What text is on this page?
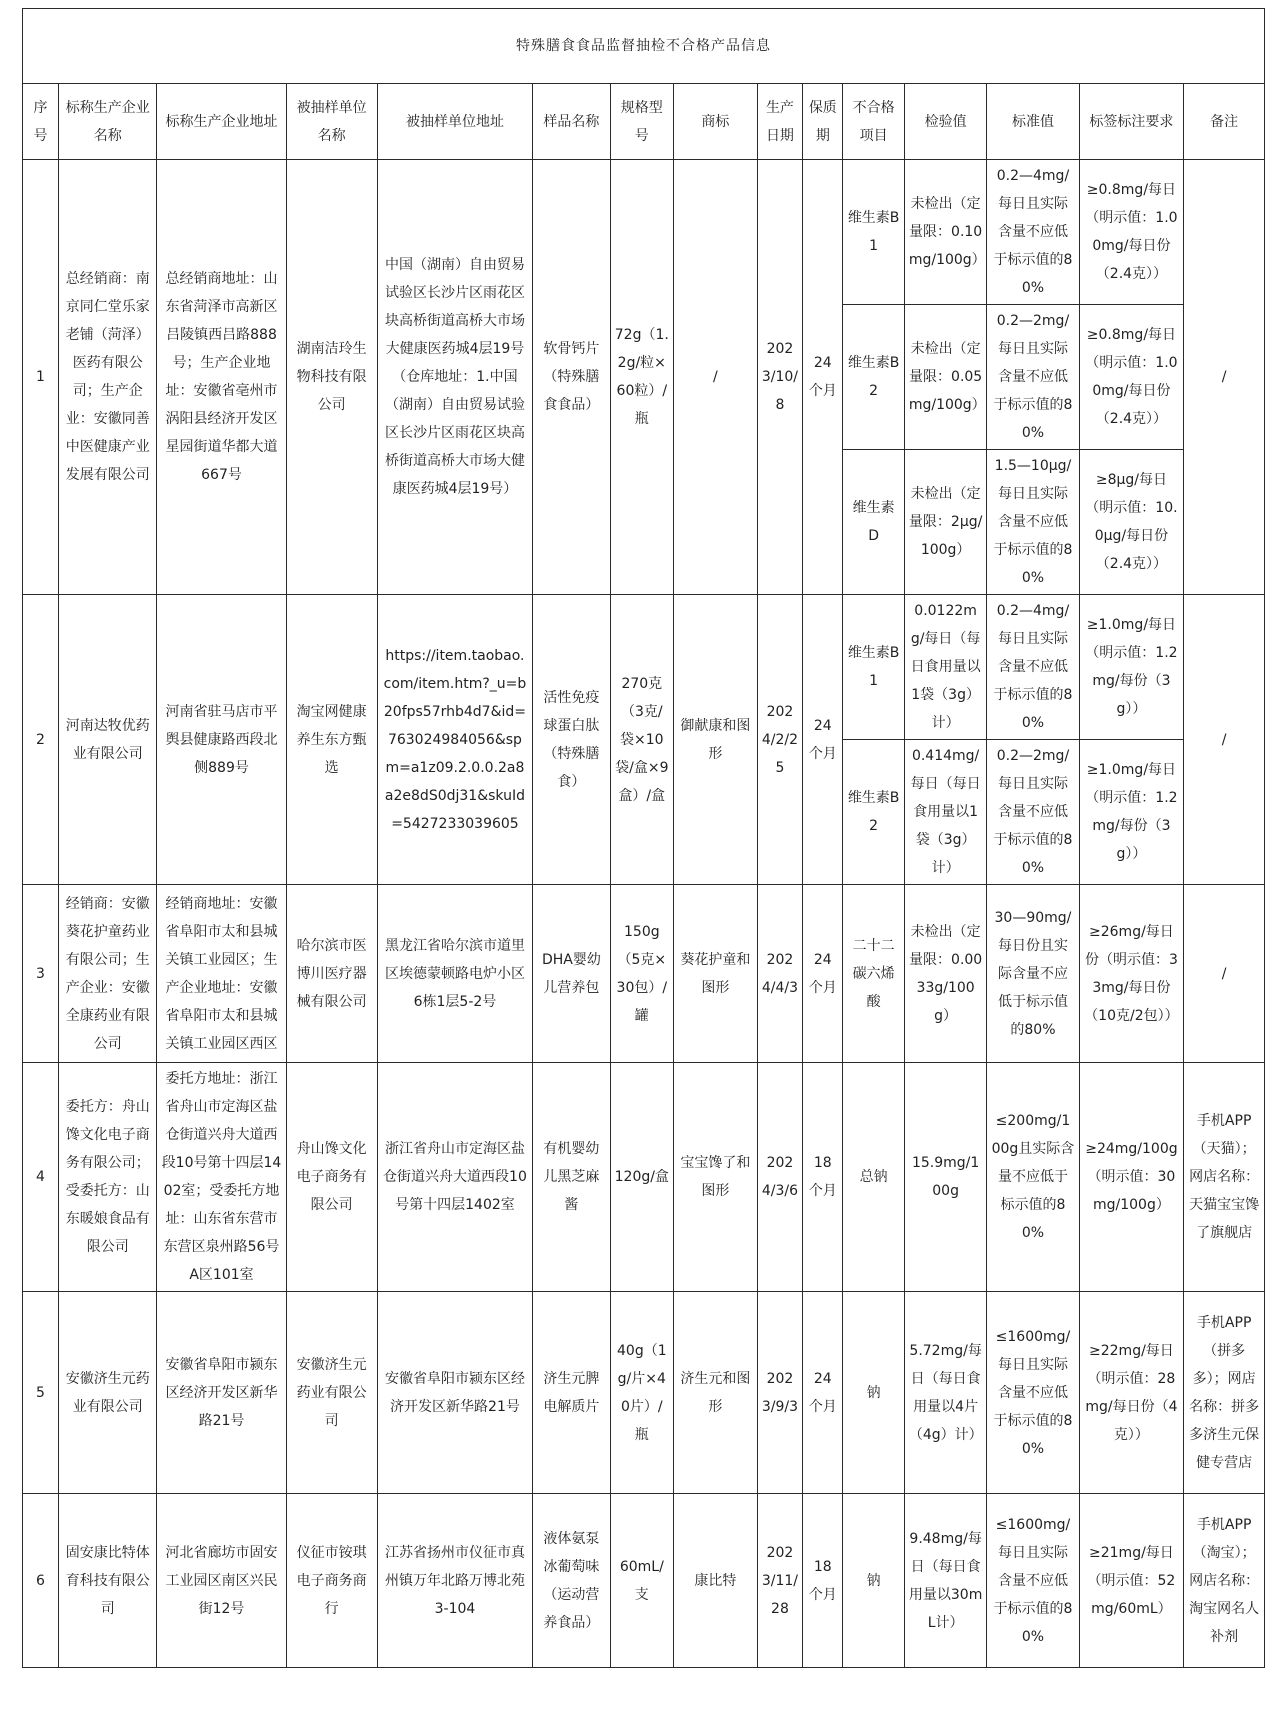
特殊膳食食品监督抽检不合格产品信息														
序号	标称生产企业名称	标称生产企业地址	被抽样单位名称	被抽样单位地址	样品名称	规格型号	商标	生产日期	保质期	不合格项目	检验值	标准值	标签标注要求	备注
1	总经销商：南京同仁堂乐家老铺（菏泽）医药有限公司；生产企业：安徽同善中医健康产业发展有限公司	总经销商地址：山东省菏泽市高新区吕陵镇西吕路888号；生产企业地址：安徽省亳州市涡阳县经济开发区星园街道华都大道667号	湖南洁玲生物科技有限公司	中国（湖南）自由贸易试验区长沙片区雨花区块高桥街道高桥大市场大健康医药城4层19号（仓库地址：1.中国（湖南）自由贸易试验区长沙片区雨花区块高桥街道高桥大市场大健康医药城4层19号）	软骨钙片（特殊膳食食品）	72g（1.2g/粒×60粒）/瓶	/	2023/10/8	24个月	维生素B1	未检出（定量限：0.10mg/100g）	0.2—4mg/每日且实际含量不应低于标示值的80%	≥0.8mg/每日（明示值：1.00mg/每日份（2.4克））	/
										维生素B2	未检出（定量限：0.05mg/100g）	0.2—2mg/每日且实际含量不应低于标示值的80%	≥0.8mg/每日（明示值：1.00mg/每日份（2.4克））	
										维生素D	未检出（定量限：2μg/100g）	1.5—10μg/每日且实际含量不应低于标示值的80%	≥8μg/每日（明示值：10.0μg/每日份（2.4克））	
2	河南达牧优药业有限公司	河南省驻马店市平舆县健康路西段北侧889号	淘宝网健康养生东方甄选	https://item.taobao.com/item.htm?_u=b20fps57rhb4d7&id=763024984056&spm=a1z09.2.0.0.2a8a2e8dS0dj31&skuId=5427233039605	活性免疫球蛋白肽（特殊膳食）	270克（3克/袋×10袋/盒×9盒）/盒	御献康和图形	2024/2/25	24个月	维生素B1	0.0122mg/每日（每日食用量以1袋（3g）计）	0.2—4mg/每日且实际含量不应低于标示值的80%	≥1.0mg/每日（明示值：1.2mg/每份（3g））	/
										维生素B2	0.414mg/每日（每日食用量以1袋（3g）计）	0.2—2mg/每日且实际含量不应低于标示值的80%	≥1.0mg/每日（明示值：1.2mg/每份（3g））	
3	经销商：安徽葵花护童药业有限公司；生产企业：安徽全康药业有限公司	经销商地址：安徽省阜阳市太和县城关镇工业园区；生产企业地址：安徽省阜阳市太和县城关镇工业园区西区	哈尔滨市医博川医疗器械有限公司	黑龙江省哈尔滨市道里区埃德蒙顿路电炉小区6栋1层5-2号	DHA婴幼儿营养包	150g（5克×30包）/罐	葵花护童和图形	2024/4/3	24个月	二十二碳六烯酸	未检出（定量限：0.0033g/100g）	30—90mg/每日份且实际含量不应低于标示值的80%	≥26mg/每日份（明示值：33mg/每日份（10克/2包））	/
4	委托方：舟山馋文化电子商务有限公司；受委托方：山东暖娘食品有限公司	委托方地址：浙江省舟山市定海区盐仓街道兴舟大道西段10号第十四层1402室；受委托方地址：山东省东营市东营区泉州路56号A区101室	舟山馋文化电子商务有限公司	浙江省舟山市定海区盐仓街道兴舟大道西段10号第十四层1402室	有机婴幼儿黑芝麻酱	120g/盒	宝宝馋了和图形	2024/3/6	18个月	总钠	15.9mg/100g	≤200mg/100g且实际含量不应低于标示值的80%	≥24mg/100g（明示值：30mg/100g）	手机APP（天猫）；网店名称：天猫宝宝馋了旗舰店
5	安徽济生元药业有限公司	安徽省阜阳市颍东区经济开发区新华路21号	安徽济生元药业有限公司	安徽省阜阳市颍东区经济开发区新华路21号	济生元脾电解质片	40g（1g/片×40片）/瓶	济生元和图形	2023/9/3	24个月	钠	5.72mg/每日（每日食用量以4片（4g）计）	≤1600mg/每日且实际含量不应低于标示值的80%	≥22mg/每日（明示值：28mg/每日份（4克））	手机APP（拼多多）；网店名称：拼多多济生元保健专营店
6	固安康比特体育科技有限公司	河北省廊坊市固安工业园区南区兴民街12号	仪征市铵琪电子商务商行	江苏省扬州市仪征市真州镇万年北路万博北苑3-104	液体氨泵冰葡萄味（运动营养食品）	60mL/支	康比特	2023/11/28	18个月	钠	9.48mg/每日（每日食用量以30mL计）	≤1600mg/每日且实际含量不应低于标示值的80%	≥21mg/每日（明示值：52mg/60mL）	手机APP（淘宝）；网店名称：淘宝网名人补剂
